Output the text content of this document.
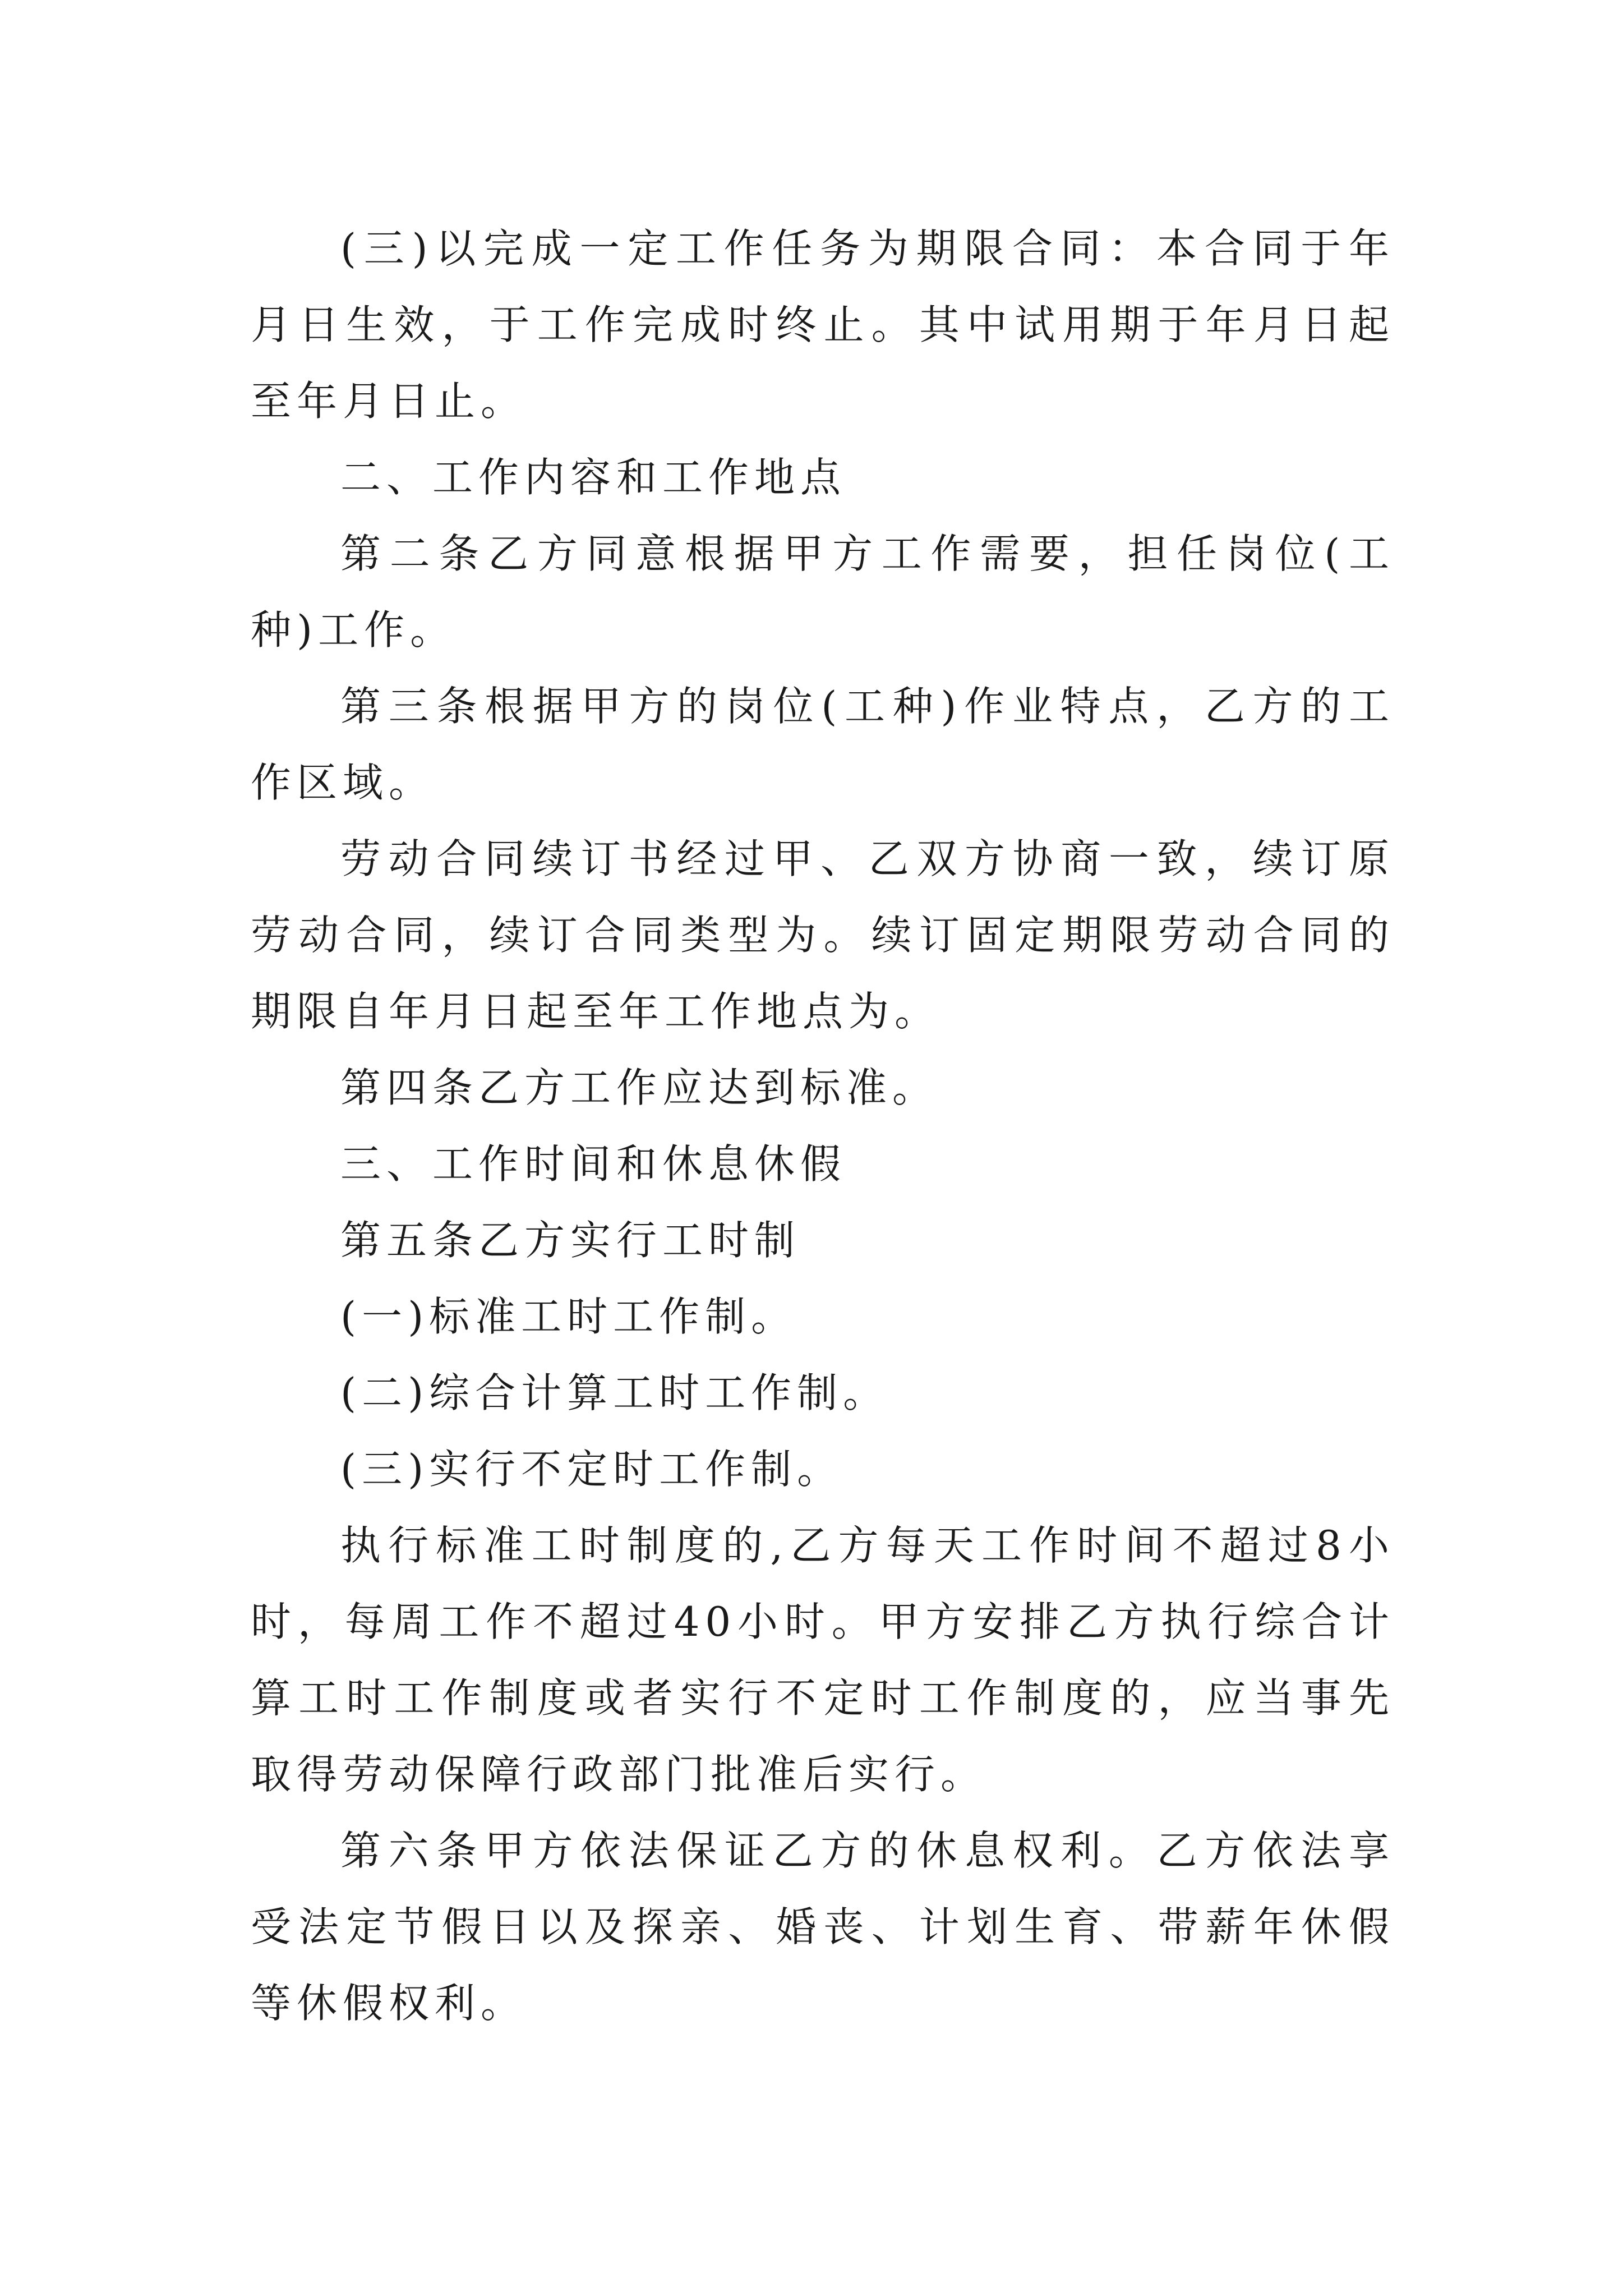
(三)以完成一定工作任务为期限合同：本合同于年月日生效，于工作完成时终止。其中试用期于年月日起至年月日止。

二、工作内容和工作地点

第二条乙方同意根据甲方工作需要，担任岗位(工种)工作。

第三条根据甲方的岗位(工种)作业特点，乙方的工作区域。

劳动合同续订书经过甲、乙双方协商一致，续订原劳动合同，续订合同类型为。续订固定期限劳动合同的期限自年月日起至年工作地点为。

第四条乙方工作应达到标准。

三、工作时间和休息休假

第五条乙方实行工时制

(一)标准工时工作制。

(二)综合计算工时工作制。

(三)实行不定时工作制。

执行标准工时制度的,乙方每天工作时间不超过8小时，每周工作不超过40小时。甲方安排乙方执行综合计算工时工作制度或者实行不定时工作制度的，应当事先取得劳动保障行政部门批准后实行。

第六条甲方依法保证乙方的休息权利。乙方依法享受法定节假日以及探亲、婚丧、计划生育、带薪年休假等休假权利。
